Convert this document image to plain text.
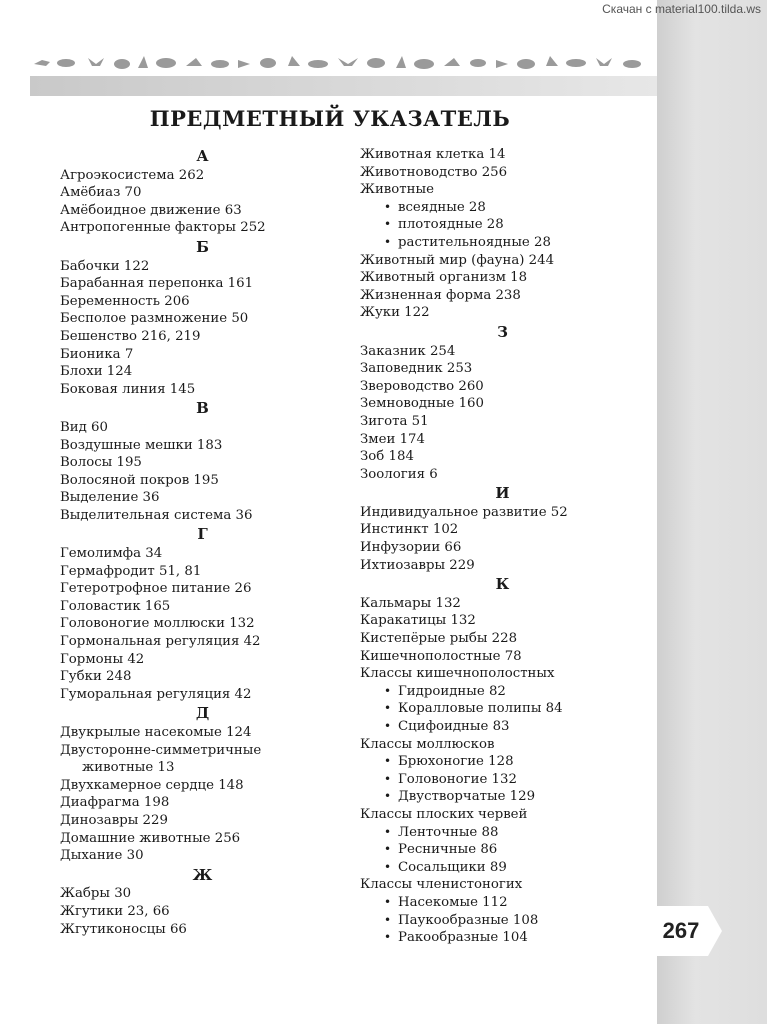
Скачан с material100.tilda.ws
ПРЕДМЕТНЫЙ УКАЗАТЕЛЬ
А
Агроэкосистема 262
Амёбиаз 70
Амёбоидное движение 63
Антропогенные факторы 252
Б
Бабочки 122
Барабанная перепонка 161
Беременность 206
Бесполое размножение 50
Бешенство 216, 219
Бионика 7
Блохи 124
Боковая линия 145
В
Вид 60
Воздушные мешки 183
Волосы 195
Волосяной покров 195
Выделение 36
Выделительная система 36
Г
Гемолимфа 34
Гермафродит 51, 81
Гетеротрофное питание 26
Головастик 165
Головоногие моллюски 132
Гормональная регуляция 42
Гормоны 42
Губки 248
Гуморальная регуляция 42
Д
Двукрылые насекомые 124
Двусторонне-симметричные
животные 13
Двухкамерное сердце 148
Диафрагма 198
Динозавры 229
Домашние животные 256
Дыхание 30
Ж
Жабры 30
Жгутики 23, 66
Жгутиконосцы 66
Животная клетка 14
Животноводство 256
Животные
• всеядные 28
• плотоядные 28
• растительноядные 28
Животный мир (фауна) 244
Животный организм 18
Жизненная форма 238
Жуки 122
З
Заказник 254
Заповедник 253
Звероводство 260
Земноводные 160
Зигота 51
Змеи 174
Зоб 184
Зоология 6
И
Индивидуальное развитие 52
Инстинкт 102
Инфузории 66
Ихтиозавры 229
К
Кальмары 132
Каракатицы 132
Кистепёрые рыбы 228
Кишечнополостные 78
Классы кишечнополостных
• Гидроидные 82
• Коралловые полипы 84
• Сцифоидные 83
Классы моллюсков
• Брюхоногие 128
• Головоногие 132
• Двустворчатые 129
Классы плоских червей
• Ленточные 88
• Ресничные 86
• Сосальщики 89
Классы членистоногих
• Насекомые 112
• Паукообразные 108
• Ракообразные 104	267
